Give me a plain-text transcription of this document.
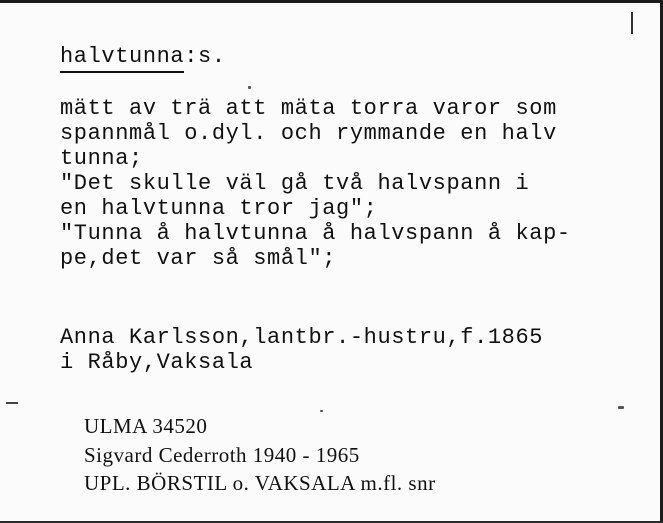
halvtunna:s.
mätt av trä att mäta torra varor som
spannmål o.dyl. och rymmande en halv
tunna;
"Det skulle väl gå två halvspann i
en halvtunna tror jag";
"Tunna å halvtunna å halvspann å kap-
pe,det var så smål";
Anna Karlsson,lantbr.-hustru,f.1865
i Råby,Vaksala
ULMA 34520
Sigvard Cederroth 1940 - 1965
UPL. BÖRSTIL o. VAKSALA m.fl. snr
